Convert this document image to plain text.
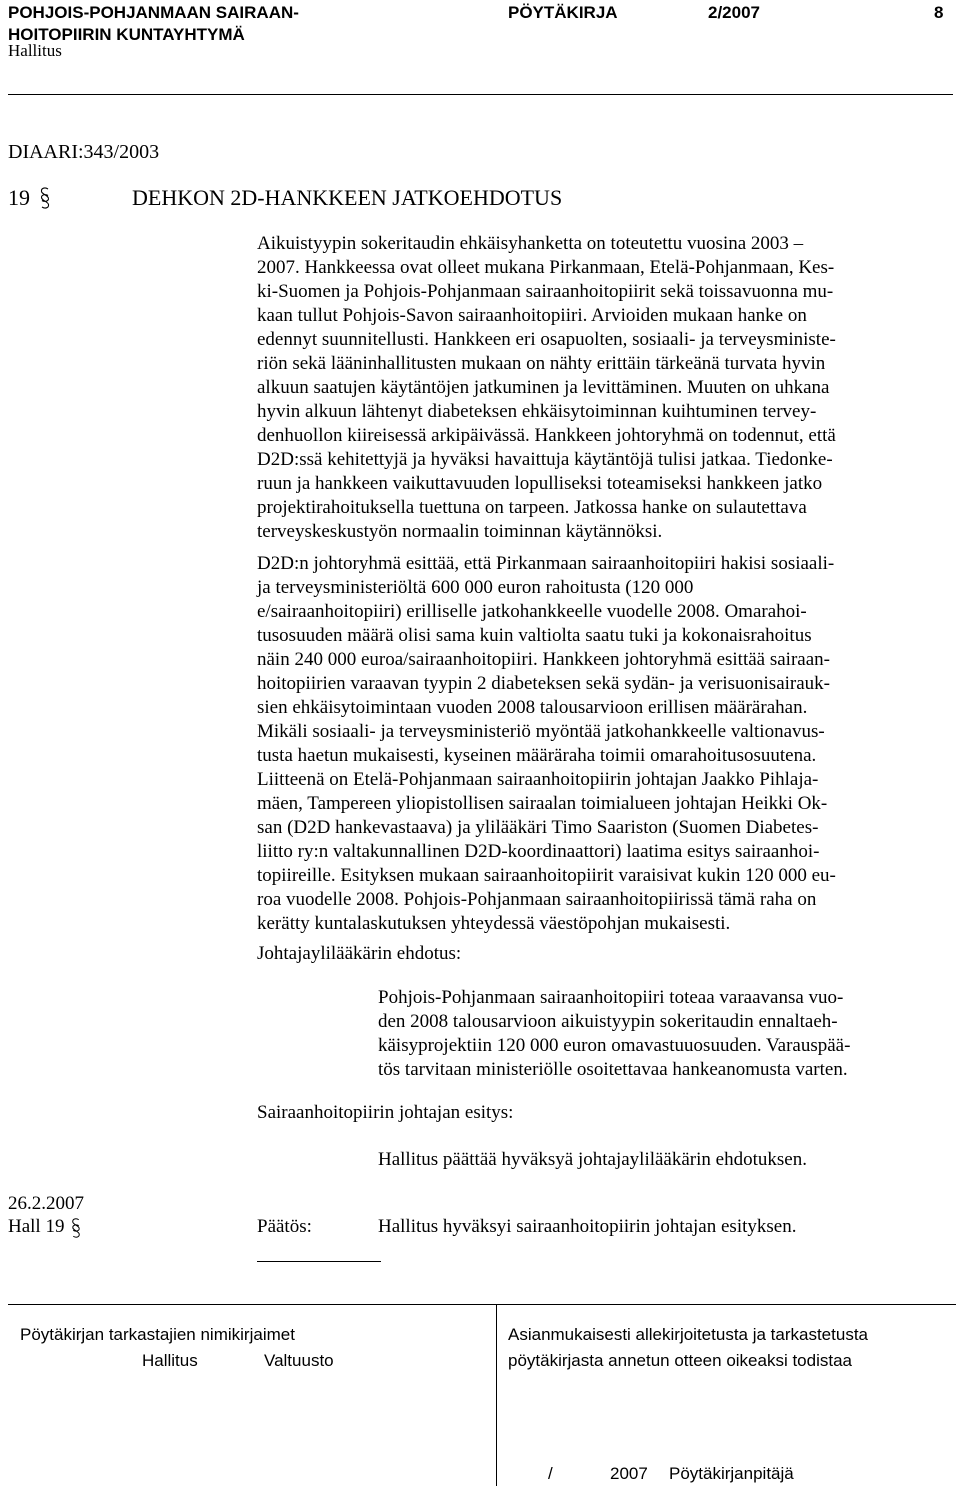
POHJOIS-POHJANMAAN SAIRAAN-
HOITOPIIRIN KUNTAYHTYMÄ
PÖYTÄKIRJA	2/2007	8
Hallitus
DIAARI:343/2003
19	DEHKON 2D-HANKKEEN JATKOEHDOTUS
Aikuistyypin sokeritaudin ehkäisyhanketta on toteutettu vuosina 2003 –
2007. Hankkeessa ovat olleet mukana Pirkanmaan, Etelä-Pohjanmaan, Kes-
ki-Suomen ja Pohjois-Pohjanmaan sairaanhoitopiirit sekä toissavuonna mu-
kaan tullut Pohjois-Savon sairaanhoitopiiri. Arvioiden mukaan hanke on
edennyt suunnitellusti. Hankkeen eri osapuolten, sosiaali- ja terveysministe-
riön sekä lääninhallitusten mukaan on nähty erittäin tärkeänä turvata hyvin
alkuun saatujen käytäntöjen jatkuminen ja levittäminen. Muuten on uhkana
hyvin alkuun lähtenyt diabeteksen ehkäisytoiminnan kuihtuminen tervey-
denhuollon kiireisessä arkipäivässä. Hankkeen johtoryhmä on todennut, että
D2D:ssä kehitettyjä ja hyväksi havaittuja käytäntöjä tulisi jatkaa. Tiedonke-
ruun ja hankkeen vaikuttavuuden lopulliseksi toteamiseksi hankkeen jatko
projektirahoituksella tuettuna on tarpeen. Jatkossa hanke on sulautettava
terveyskeskustyön normaalin toiminnan käytännöksi.
D2D:n johtoryhmä esittää, että Pirkanmaan sairaanhoitopiiri hakisi sosiaali-
ja terveysministeriöltä 600 000 euron rahoitusta (120 000
e/sairaanhoitopiiri) erilliselle jatkohankkeelle vuodelle 2008. Omarahoi-
tusosuuden määrä olisi sama kuin valtiolta saatu tuki ja kokonaisrahoitus
näin 240 000 euroa/sairaanhoitopiiri. Hankkeen johtoryhmä esittää sairaan-
hoitopiirien varaavan tyypin 2 diabeteksen sekä sydän- ja verisuonisairauk-
sien ehkäisytoimintaan vuoden 2008 talousarvioon erillisen määrärahan.
Mikäli sosiaali- ja terveysministeriö myöntää jatkohankkeelle valtionavus-
tusta haetun mukaisesti, kyseinen määräraha toimii omarahoitusosuutena.
Liitteenä on Etelä-Pohjanmaan sairaanhoitopiirin johtajan Jaakko Pihlaja-
mäen, Tampereen yliopistollisen sairaalan toimialueen johtajan Heikki Ok-
san (D2D hankevastaava) ja ylilääkäri Timo Saariston (Suomen Diabetes-
liitto ry:n valtakunnallinen D2D-koordinaattori) laatima esitys sairaanhoi-
topiireille. Esityksen mukaan sairaanhoitopiirit varaisivat kukin 120 000 eu-
roa vuodelle 2008. Pohjois-Pohjanmaan sairaanhoitopiirissä tämä raha on
kerätty kuntalaskutuksen yhteydessä väestöpohjan mukaisesti.
Johtajaylilääkärin ehdotus:
Pohjois-Pohjanmaan sairaanhoitopiiri toteaa varaavansa vuo-
den 2008 talousarvioon aikuistyypin sokeritaudin ennaltaeh-
käisyprojektiin 120 000 euron omavastuuosuuden. Varauspää-
tös tarvitaan ministeriölle osoitettavaa hankeanomusta varten.
Sairaanhoitopiirin johtajan esitys:
Hallitus päättää hyväksyä johtajaylilääkärin ehdotuksen.
26.2.2007
Hall 19	Päätös:	Hallitus hyväksyi sairaanhoitopiirin johtajan esityksen.
Pöytäkirjan tarkastajien nimikirjaimet
Hallitus	Valtuusto
Asianmukaisesti allekirjoitetusta ja tarkastetusta
pöytäkirjasta annetun otteen oikeaksi todistaa
/	2007 Pöytäkirjanpitäjä
